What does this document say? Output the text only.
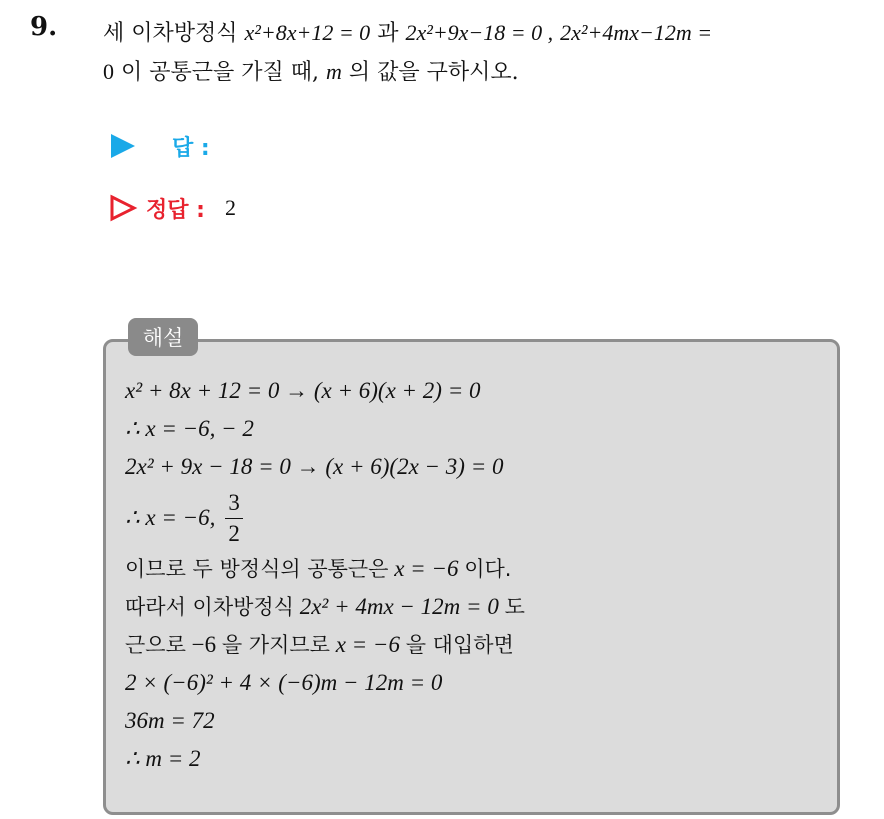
9. 세 이차방정식 x²+8x+12 = 0 과 2x²+9x−18 = 0 , 2x²+4mx−12m =
0 이 공통근을 가질 때, m 의 값을 구하시오.
답 :
정답 : 2
해설
x² + 8x + 12 = 0 → (x + 6)(x + 2) = 0
∴ x = −6, − 2
2x² + 9x − 18 = 0 → (x + 6)(2x − 3) = 0
∴ x = −6, $\frac{3}{2}$
이므로 두 방정식의 공통근은 x = −6 이다.
따라서 이차방정식 2x² + 4mx − 12m = 0 도
근으로 −6 을 가지므로 x = −6 을 대입하면
2 × (−6)² + 4 × (−6)m − 12m = 0
36m = 72
∴ m = 2
